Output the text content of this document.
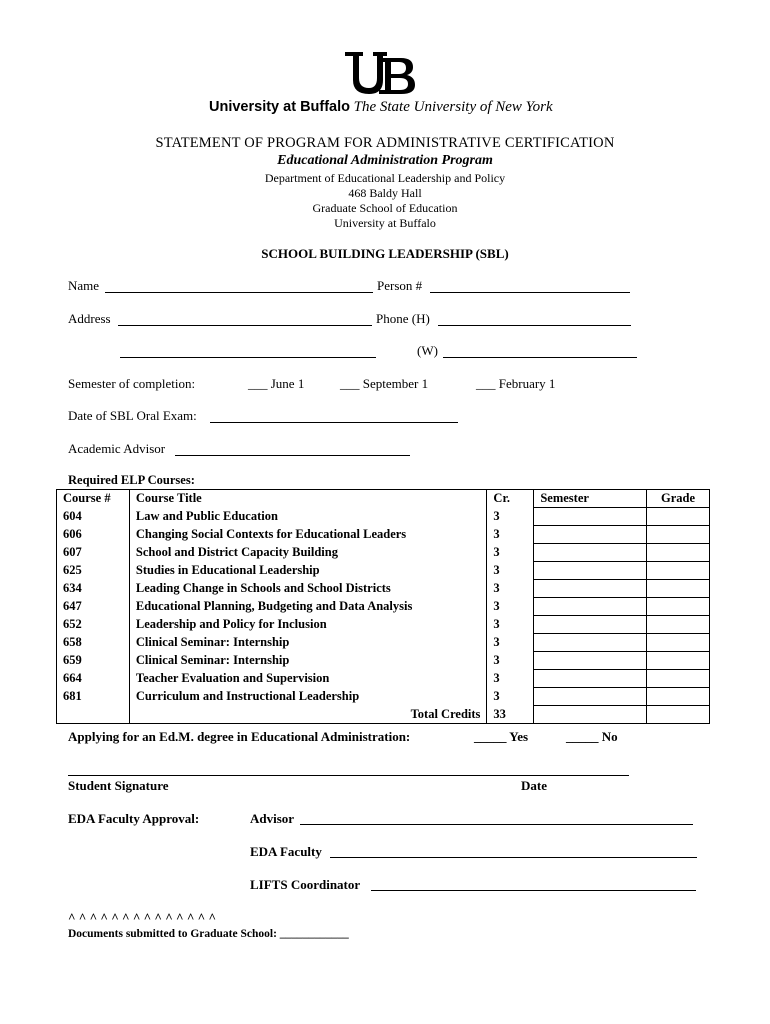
University at Buffalo The State University of New York
STATEMENT OF PROGRAM FOR ADMINISTRATIVE CERTIFICATION
Educational Administration Program
Department of Educational Leadership and Policy
468 Baldy Hall
Graduate School of Education
University at Buffalo
SCHOOL BUILDING LEADERSHIP (SBL)
Name	Person #
Address	Phone (H)
(W)
Semester of completion:	___ June 1	___ September 1	___ February 1
Date of SBL Oral Exam:
Academic Advisor
Required ELP Courses:
Course #	Course Title	Cr.	Semester	Grade
604	Law and Public Education	3		
606	Changing Social Contexts for Educational Leaders	3		
607	School and District Capacity Building	3		
625	Studies in Educational Leadership	3		
634	Leading Change in Schools and School Districts	3		
647	Educational Planning, Budgeting and Data Analysis	3		
652	Leadership and Policy for Inclusion	3		
658	Clinical Seminar: Internship	3		
659	Clinical Seminar: Internship	3		
664	Teacher Evaluation and Supervision	3		
681	Curriculum and Instructional Leadership	3		
	Total Credits	33		
Applying for an Ed.M. degree in Educational Administration:	_____ Yes	_____ No
Student Signature	Date
EDA Faculty Approval:	Advisor
EDA Faculty
LIFTS Coordinator
^ ^ ^ ^ ^ ^ ^ ^ ^ ^ ^ ^ ^ ^
Documents submitted to Graduate School: ____________
